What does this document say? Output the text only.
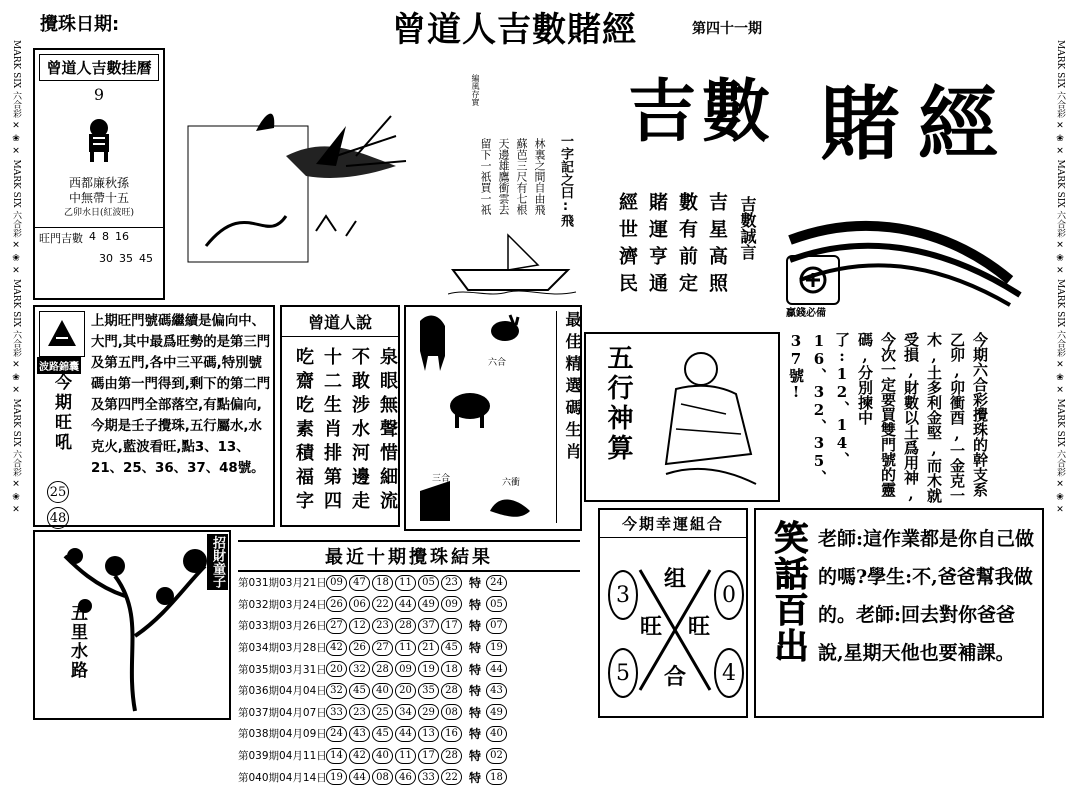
MARK SIX 六合彩 ✕ ❀ ✕ MARK SIX 六合彩 ✕ ❀ ✕ MARK SIX 六合彩 ✕ ❀ ✕ MARK SIX 六合彩 ✕ ❀ ✕	MARK SIX 六合彩 ✕ ❀ ✕ MARK SIX 六合彩 ✕ ❀ ✕ MARK SIX 六合彩 ✕ ❀ ✕ MARK SIX 六合彩 ✕ ❀ ✕
攪珠日期:	曾道人吉數賭經	第四十一期
曾道人吉數挂曆
9
西都廉秋孫
中無帶十五
乙卯水日(紅波旺)
旺門吉數 4 8 16
30 35 45
一字記之曰:飛
編風存實
林裏之間自由飛
蘇芭三尺有七根
天邊雄鷹衝雲去
留下一祇買一祇
吉數 賭經
贏錢必備
吉數誠言
吉星高照
數有前定
賭運亨通
經世濟民
波路錦囊
今期旺吼
25
48
上期旺門號碼繼續是偏向中、大門,其中最爲旺勢的是第三門及第五門,各中三平碼,特別號碼由第一門得到,剩下的第二門及第四門全部落空,有點偏向,今期是壬子攪珠,五行屬水,水克火,藍波看旺,點3、13、21、25、36、37、48號。
曾道人說
泉眼無聲惜細流
不敢涉水河邊走
十二生肖排第四
吃齋吃素積福字	六合
三合	六衝
最佳精選碼生肖 五行神算	今期六合彩攪珠的幹支系乙卯,卯衝酉,一金克一木,土多利金堅,而木就受損,財數以土爲用神,今次一定要買雙門號的靈碼,分別揀中了:12、14、16、32、35、37號!
招財童子
五里水路
最近十期攪珠結果
第031期03月21日 09	47	18	11	05	23 特 24
第032期03月24日 26	06	22	44	49	09 特 05
第033期03月26日 27	12	23	28	37	17 特 07
第034期03月28日 42	26	27	11	21	45 特 19
第035期03月31日 20	32	28	09	19	18 特 44
第036期04月04日 32	45	40	20	35	28 特 43
第037期04月07日 33	23	25	34	29	08 特 49
第038期04月09日 24	43	45	44	13	16 特 40
第039期04月11日 14	42	40	11	17	28 特 02
第040期04月14日 19	44	08	46	33	22 特 18
今期幸運組合
3	0
5	4
组
旺 旺
合
笑話百出 老師:這作業都是你自己做的嗎?學生:不,爸爸幫我做的。老師:回去對你爸爸說,星期天他也要補課。
